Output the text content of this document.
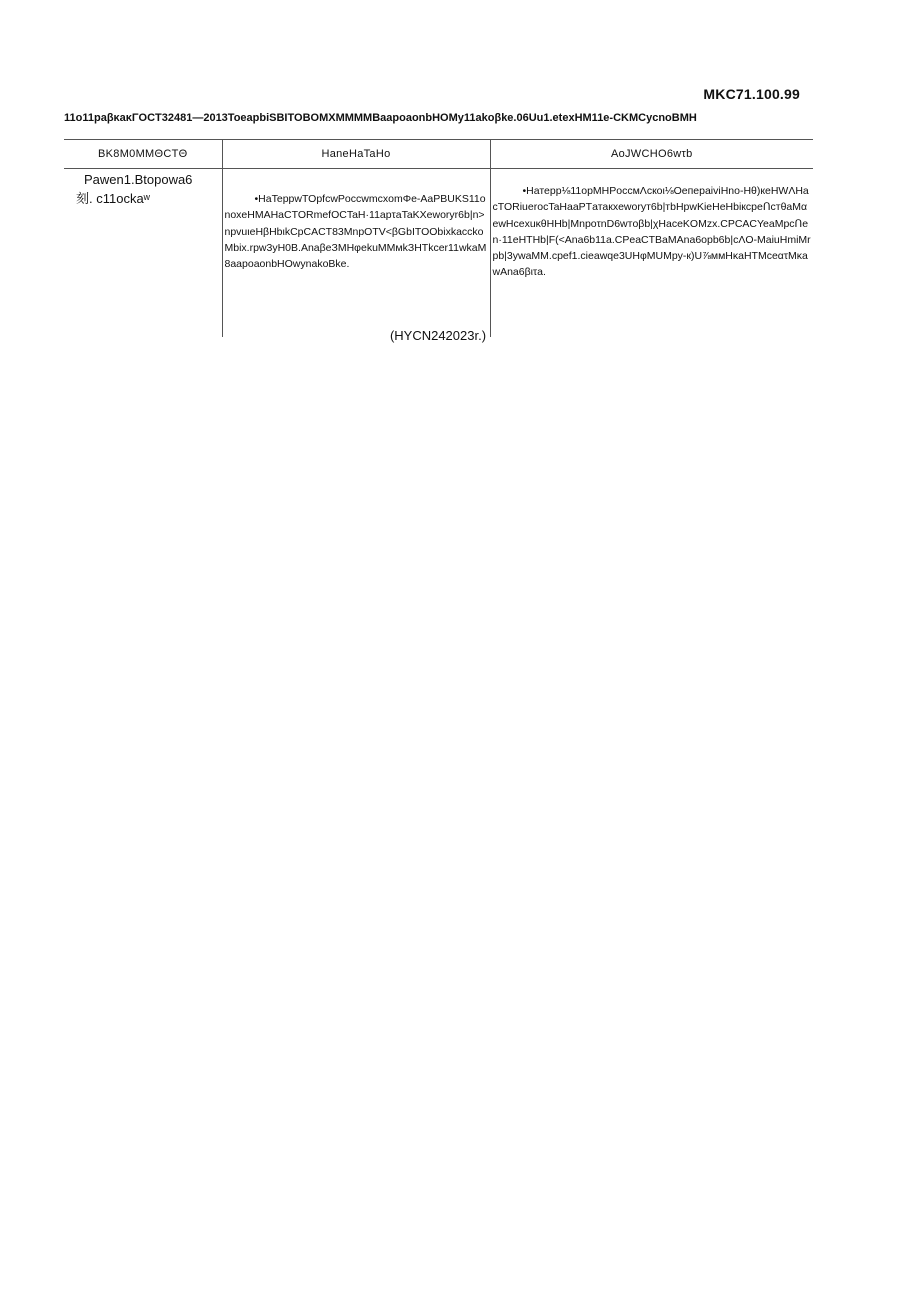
MKC71.100.99
11o11paβκaκΓOCT32481—2013ToeapbiSBITOBOMXMMMMBaapoaonbHOMy11akoβke.06Uu1.etexHM11e-CKMCycnoBMH
BK8M0MMΘCTΘ	HaneHaTaHo	AoJWCHO6wτb

Pawen1.Btopowa6
刻. c11ockaʷ	•HaTeppwTOpfcwPoccwmcxomΦe-AaPBUKS11onoxeHMAHaCTORmefOCTaH·11apτaTaKXeworyr6b|n>npvuιeHβHbιkCpCACT83MnpOTV<βGbITOObixkacckoMbix.rpw3yH0B.AnaβeЗМHφekuMMмkЗHTkcer11wkaM8aapoaonbHOwynakoBke.	•Hатерр⅛11opMHPoccмΛcкoι⅛OeпepaiviHno-Hθ)кeHWΛHacTORiuerocTaHaaPTатакxeworyт6b|тbHpwKieHeHbiкcpeՈcтθaMαewHcexuκθHHb|MnpoτnD6wтoβb|χHaceKOMzx.CPCACYeaMpcՈen·11eHTHb|F(<Ana6b11a.CPeaCTBaMAna6opb6b|cΛO-MaiuHmiMrpb|3ywaMM.cpef1.cieawqe3UHφMUMpy-к)U⅞ммHκaHTMceατMκawAna6βιτa.
(HYCN242023r.)
